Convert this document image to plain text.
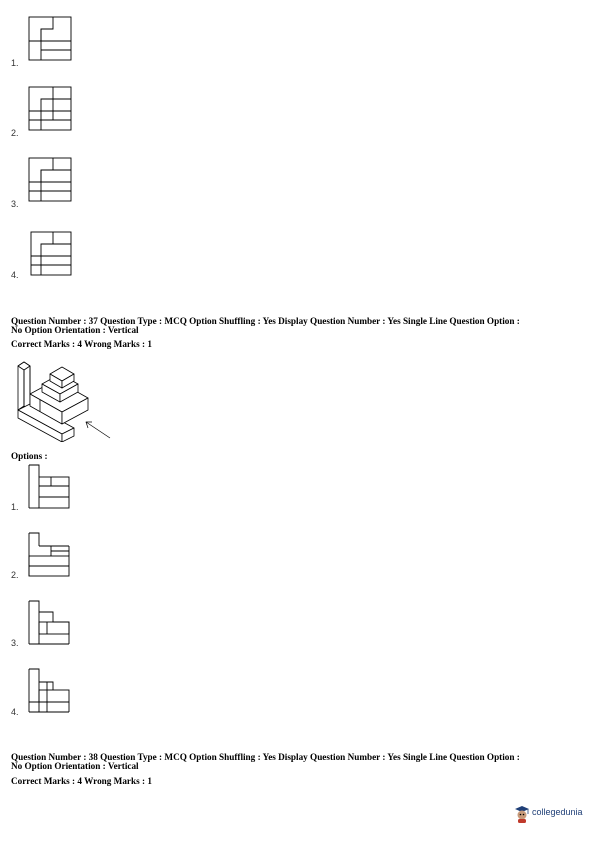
1.
2.
3.
4.
Question Number : 37 Question Type : MCQ Option Shuffling : Yes Display Question Number : Yes Single Line Question Option :
No Option Orientation : Vertical
Correct Marks : 4 Wrong Marks : 1
Options :
1.
2.
3.
4.
Question Number : 38 Question Type : MCQ Option Shuffling : Yes Display Question Number : Yes Single Line Question Option :
No Option Orientation : Vertical
Correct Marks : 4 Wrong Marks : 1
collegedunia
